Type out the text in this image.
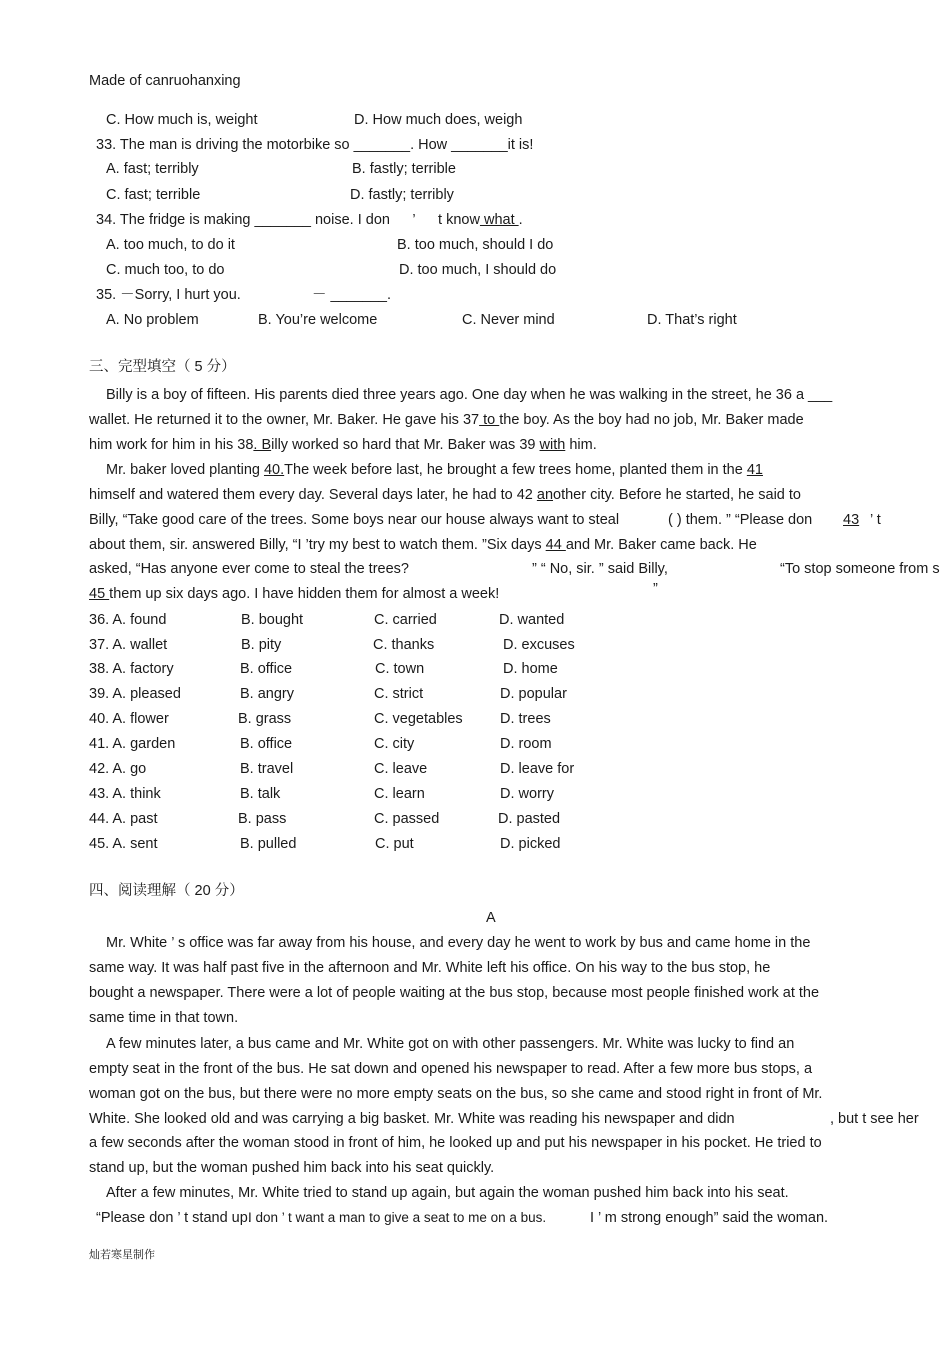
Made of canruohanxing
C. How much is, weight	D. How much does, weigh
33. The man is driving the motorbike so _______. How _______it is!
A. fast; terribly	B. fastly; terrible
C. fast; terrible	D. fastly; terribly
34. The fridge is making _______ noise. I don ’ t know what .
A. too much, to do it	B. too much, should I do
C. much too, to do	D. too much, I should do
35. －Sorry, I hurt you.	－ _______.
A. No problem	B. You’re welcome	C. Never mind	D. That’s right
三、完型填空（ 5 分）
Billy is a boy of fifteen. His parents died three years ago. One day when he was walking in the street, he 36 a ___
wallet. He returned it to the owner, Mr. Baker. He gave his 37 to the boy. As the boy had no job, Mr. Baker made
him work for him in his 38. Billy worked so hard that Mr. Baker was 39 with him.
Mr. baker loved planting 40.The week before last, he brought a few trees home, planted them in the 41
himself and watered them every day. Several days later, he had to 42 another city. Before he started, he said to
Billy, “Take good care of the trees. Some boys near our house always want to steal	( ) them. ” “Please don 43 ’ t
about them, sir. answered Billy, “I ’try my best to watch them. ”Six days 44 and Mr. Baker came back. He
asked, “Has anyone ever come to steal the trees?	” “ No, sir. ” said Billy,	“To stop someone from s
45 them up six days ago. I have hidden them for almost a week!	”
36. A. found	B. bought	C. carried	D. wanted
37. A. wallet	B. pity	C. thanks	D. excuses
38. A. factory	B. office	C. town	D. home
39. A. pleased	B. angry	C. strict	D. popular
40. A. flower	B. grass	C. vegetables	D. trees
41. A. garden	B. office	C. city	D. room
42. A. go	B. travel	C. leave	D. leave for
43. A. think	B. talk	C. learn	D. worry
44. A. past	B. pass	C. passed	D. pasted
45. A. sent	B. pulled	C. put	D. picked
四、阅读理解（ 20 分）
A
Mr. White ’ s office was far away from his house, and every day he went to work by bus and came home in the
same way. It was half past five in the afternoon and Mr. White left his office. On his way to the bus stop, he
bought a newspaper. There were a lot of people waiting at the bus stop, because most people finished work at the
same time in that town.
A few minutes later, a bus came and Mr. White got on with other passengers. Mr. White was lucky to find an
empty seat in the front of the bus. He sat down and opened his newspaper to read. After a few more bus stops, a
woman got on the bus, but there were no more empty seats on the bus, so she came and stood right in front of Mr.
White. She looked old and was carrying a big basket. Mr. White was reading his newspaper and didn	, but t see her
a few seconds after the woman stood in front of him, he looked up and put his newspaper in his pocket. He tried to
stand up, but the woman pushed him back into his seat quickly.
After a few minutes, Mr. White tried to stand up again, but again the woman pushed him back into his seat.
“Please don ’ t stand up.
I don ’ t want a man to give a seat to me on a bus.	I ’ m strong enough” said the woman.
灿若寒星制作
